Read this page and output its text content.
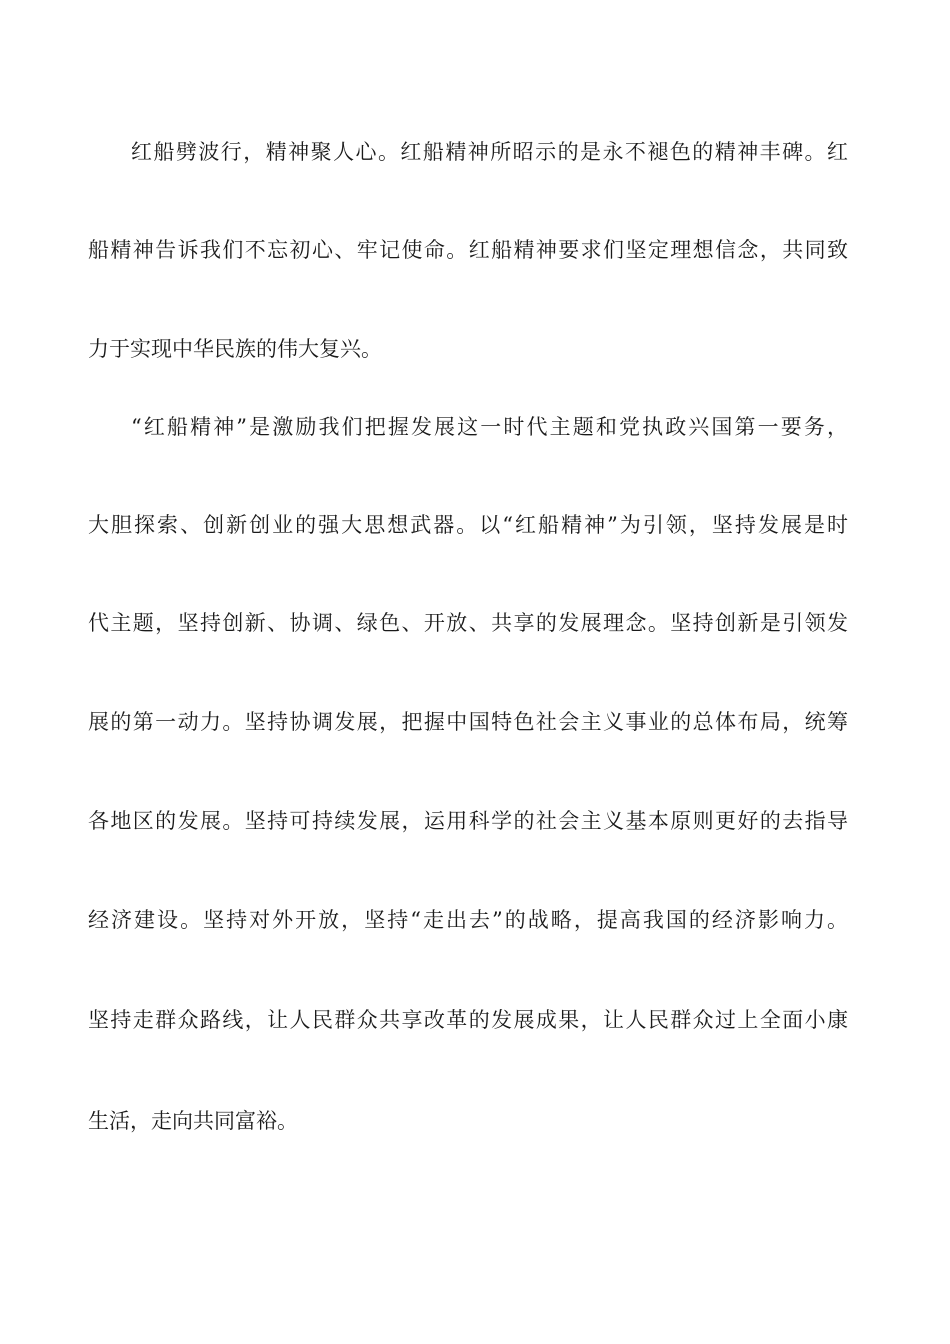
红船劈波行，精神聚人心。红船精神所昭示的是永不褪色的精神丰碑。红
船精神告诉我们不忘初心、牢记使命。红船精神要求们坚定理想信念，共同致
力于实现中华民族的伟大复兴。
“红船精神”是激励我们把握发展这一时代主题和党执政兴国第一要务，
大胆探索、创新创业的强大思想武器。以“红船精神”为引领，坚持发展是时
代主题，坚持创新、协调、绿色、开放、共享的发展理念。坚持创新是引领发
展的第一动力。坚持协调发展，把握中国特色社会主义事业的总体布局，统筹
各地区的发展。坚持可持续发展，运用科学的社会主义基本原则更好的去指导
经济建设。坚持对外开放，坚持“走出去”的战略，提高我国的经济影响力。
坚持走群众路线，让人民群众共享改革的发展成果，让人民群众过上全面小康
生活，走向共同富裕。
